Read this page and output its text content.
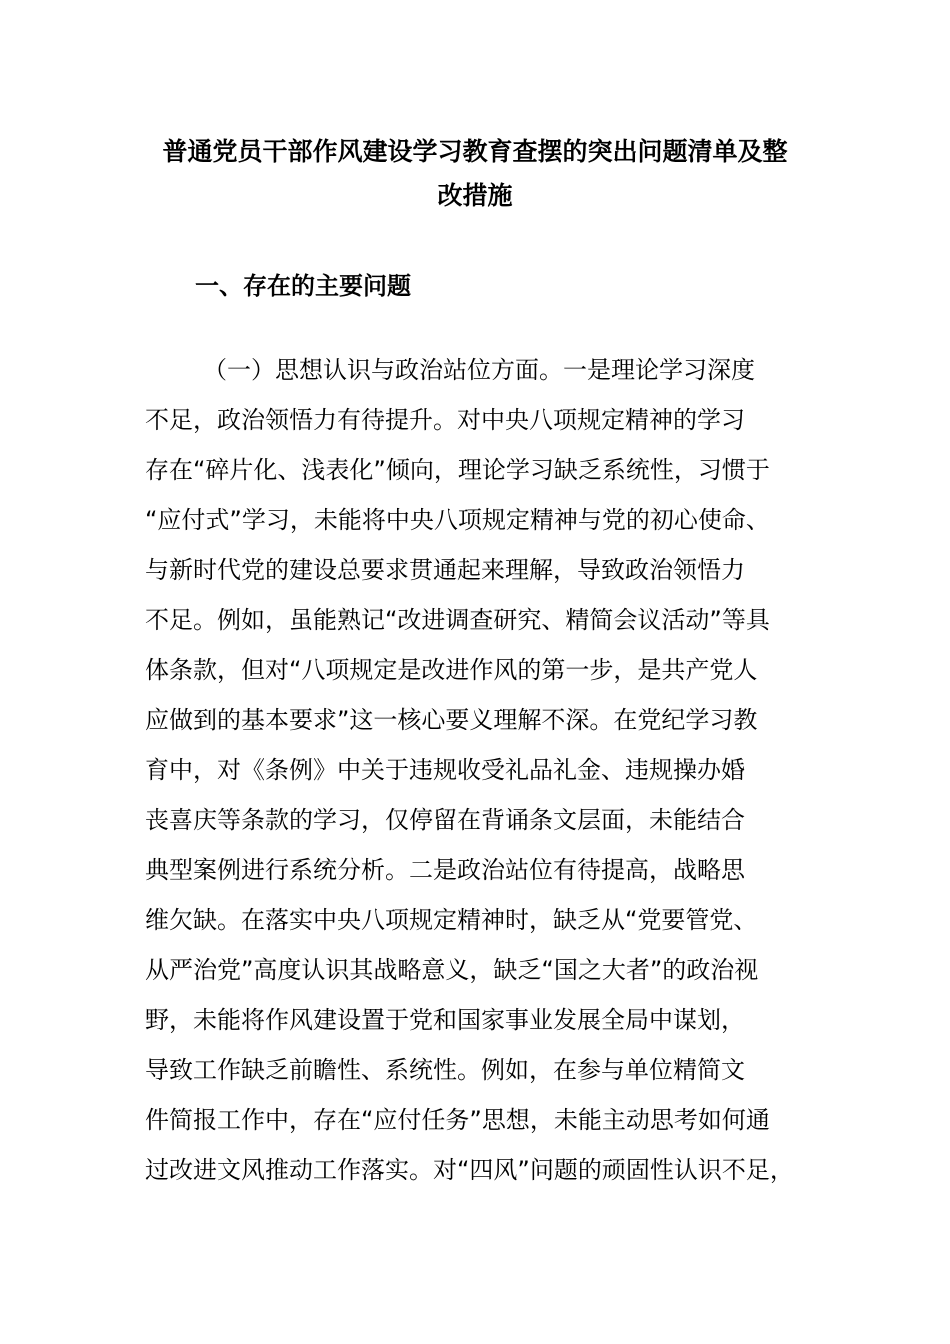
普通党员干部作风建设学习教育查摆的突出问题清单及整
改措施
一、存在的主要问题
（一）思想认识与政治站位方面。一是理论学习深度
不足，政治领悟力有待提升。对中央八项规定精神的学习
存在“碎片化、浅表化”倾向，理论学习缺乏系统性，习惯于
“应付式”学习，未能将中央八项规定精神与党的初心使命、
与新时代党的建设总要求贯通起来理解，导致政治领悟力
不足。例如，虽能熟记“改进调查研究、精简会议活动”等具
体条款，但对“八项规定是改进作风的第一步，是共产党人
应做到的基本要求”这一核心要义理解不深。在党纪学习教
育中，对《条例》中关于违规收受礼品礼金、违规操办婚
丧喜庆等条款的学习，仅停留在背诵条文层面，未能结合
典型案例进行系统分析。二是政治站位有待提高，战略思
维欠缺。在落实中央八项规定精神时，缺乏从“党要管党、
从严治党”高度认识其战略意义，缺乏“国之大者”的政治视
野，未能将作风建设置于党和国家事业发展全局中谋划，
导致工作缺乏前瞻性、系统性。例如，在参与单位精简文
件简报工作中，存在“应付任务”思想，未能主动思考如何通
过改进文风推动工作落实。对“四风”问题的顽固性认识不足，
